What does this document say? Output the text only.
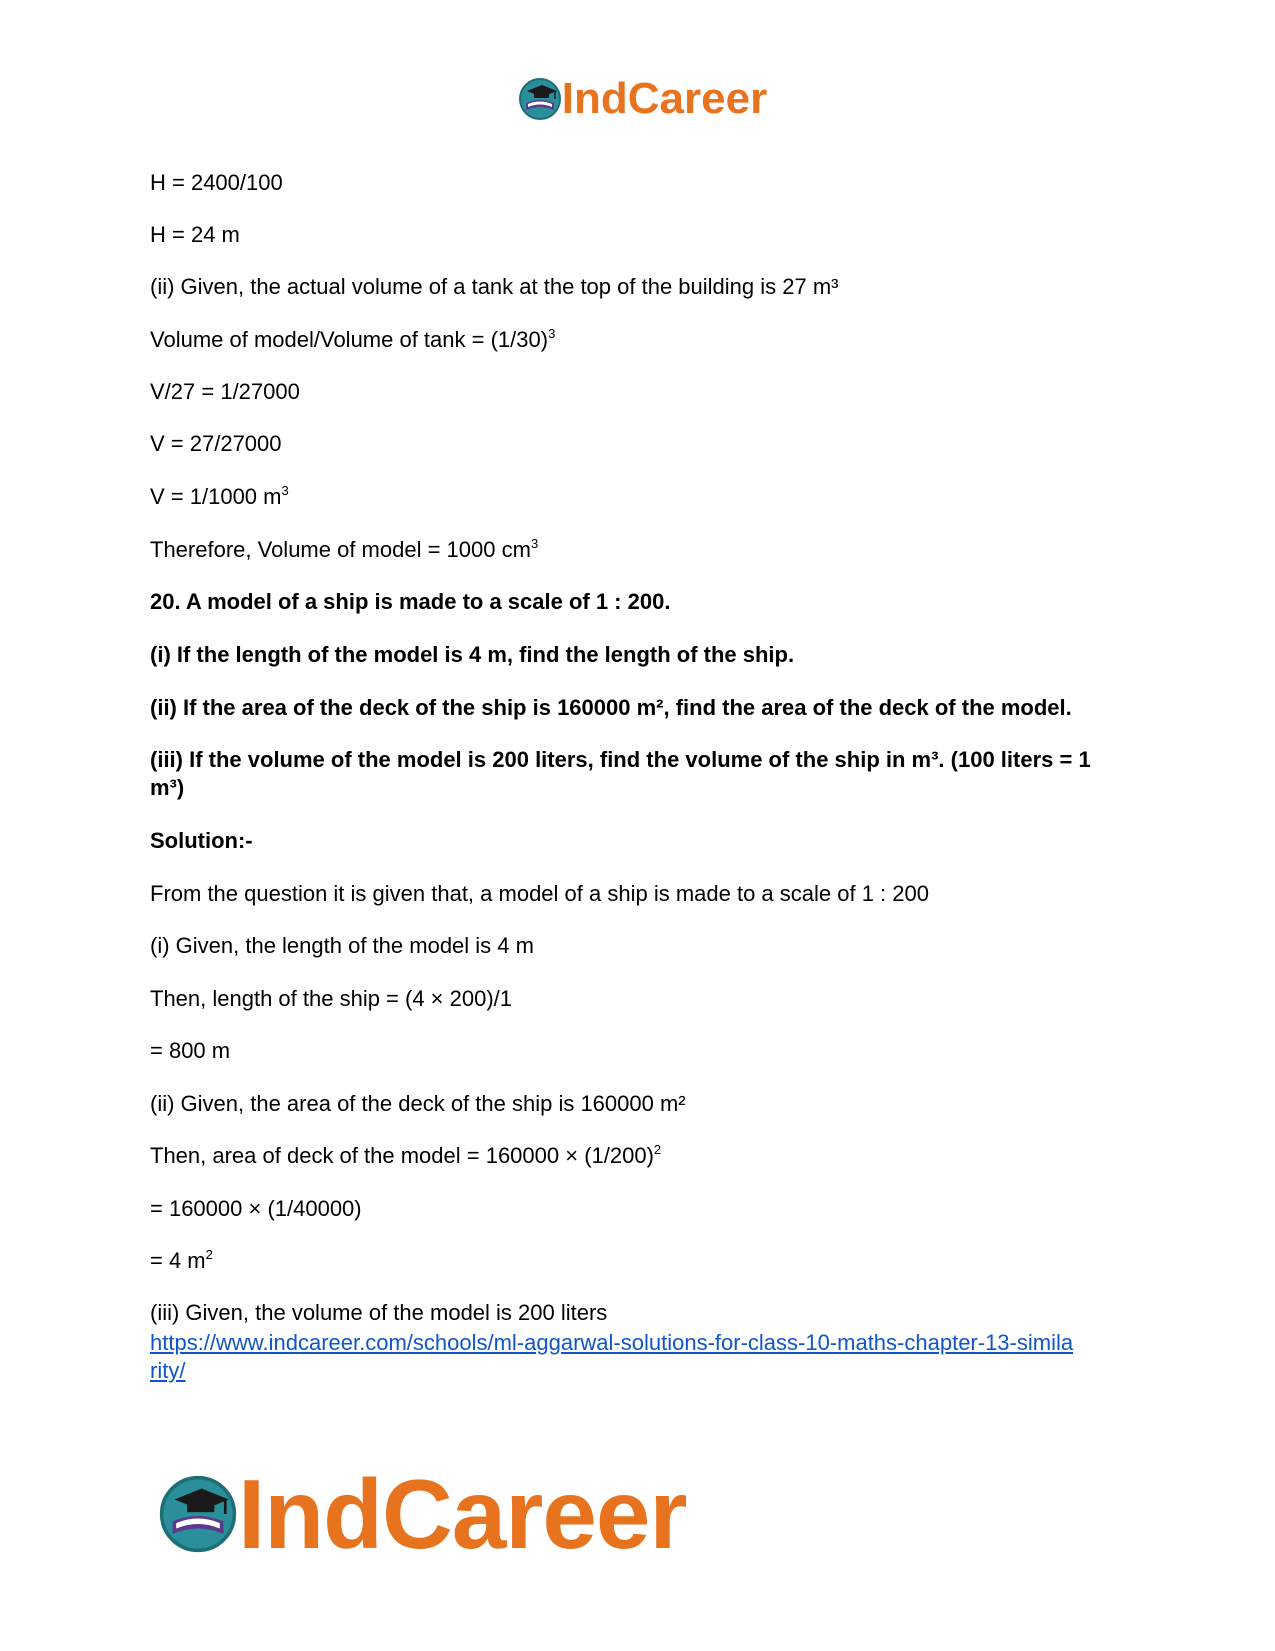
IndCareer
H = 2400/100
H = 24 m
(ii) Given, the actual volume of a tank at the top of the building is 27 m³
Volume of model/Volume of $\tan k = (1/30)^3$
V/27 = 1/27000
V = 27/27000
V = 1/1000 $m^3$
Therefore, Volume of model = 1000 $cm^3$
20. A model of a ship is made to a scale of 1 : 200.
(i) If the length of the model is 4 m, find the length of the ship.
(ii) If the area of the deck of the ship is 160000 m², find the area of the deck of the model.
(iii) If the volume of the model is 200 liters, find the volume of the ship in m³. (100 liters = 1 m³)
Solution:-
From the question it is given that, a model of a ship is made to a scale of 1 : 200
(i) Given, the length of the model is 4 m
Then, length of the ship = (4 × 200)/1
= 800 m
(ii) Given, the area of the deck of the ship is 160000 m²
Then, area of deck of the model = $160000 \times (1/200)^2$
= 160000 × (1/40000)
= 4 $m^2$
(iii) Given, the volume of the model is 200 liters
https://www.indcareer.com/schools/ml-aggarwal-solutions-for-class-10-maths-chapter-13-similarity/
IndCareer
